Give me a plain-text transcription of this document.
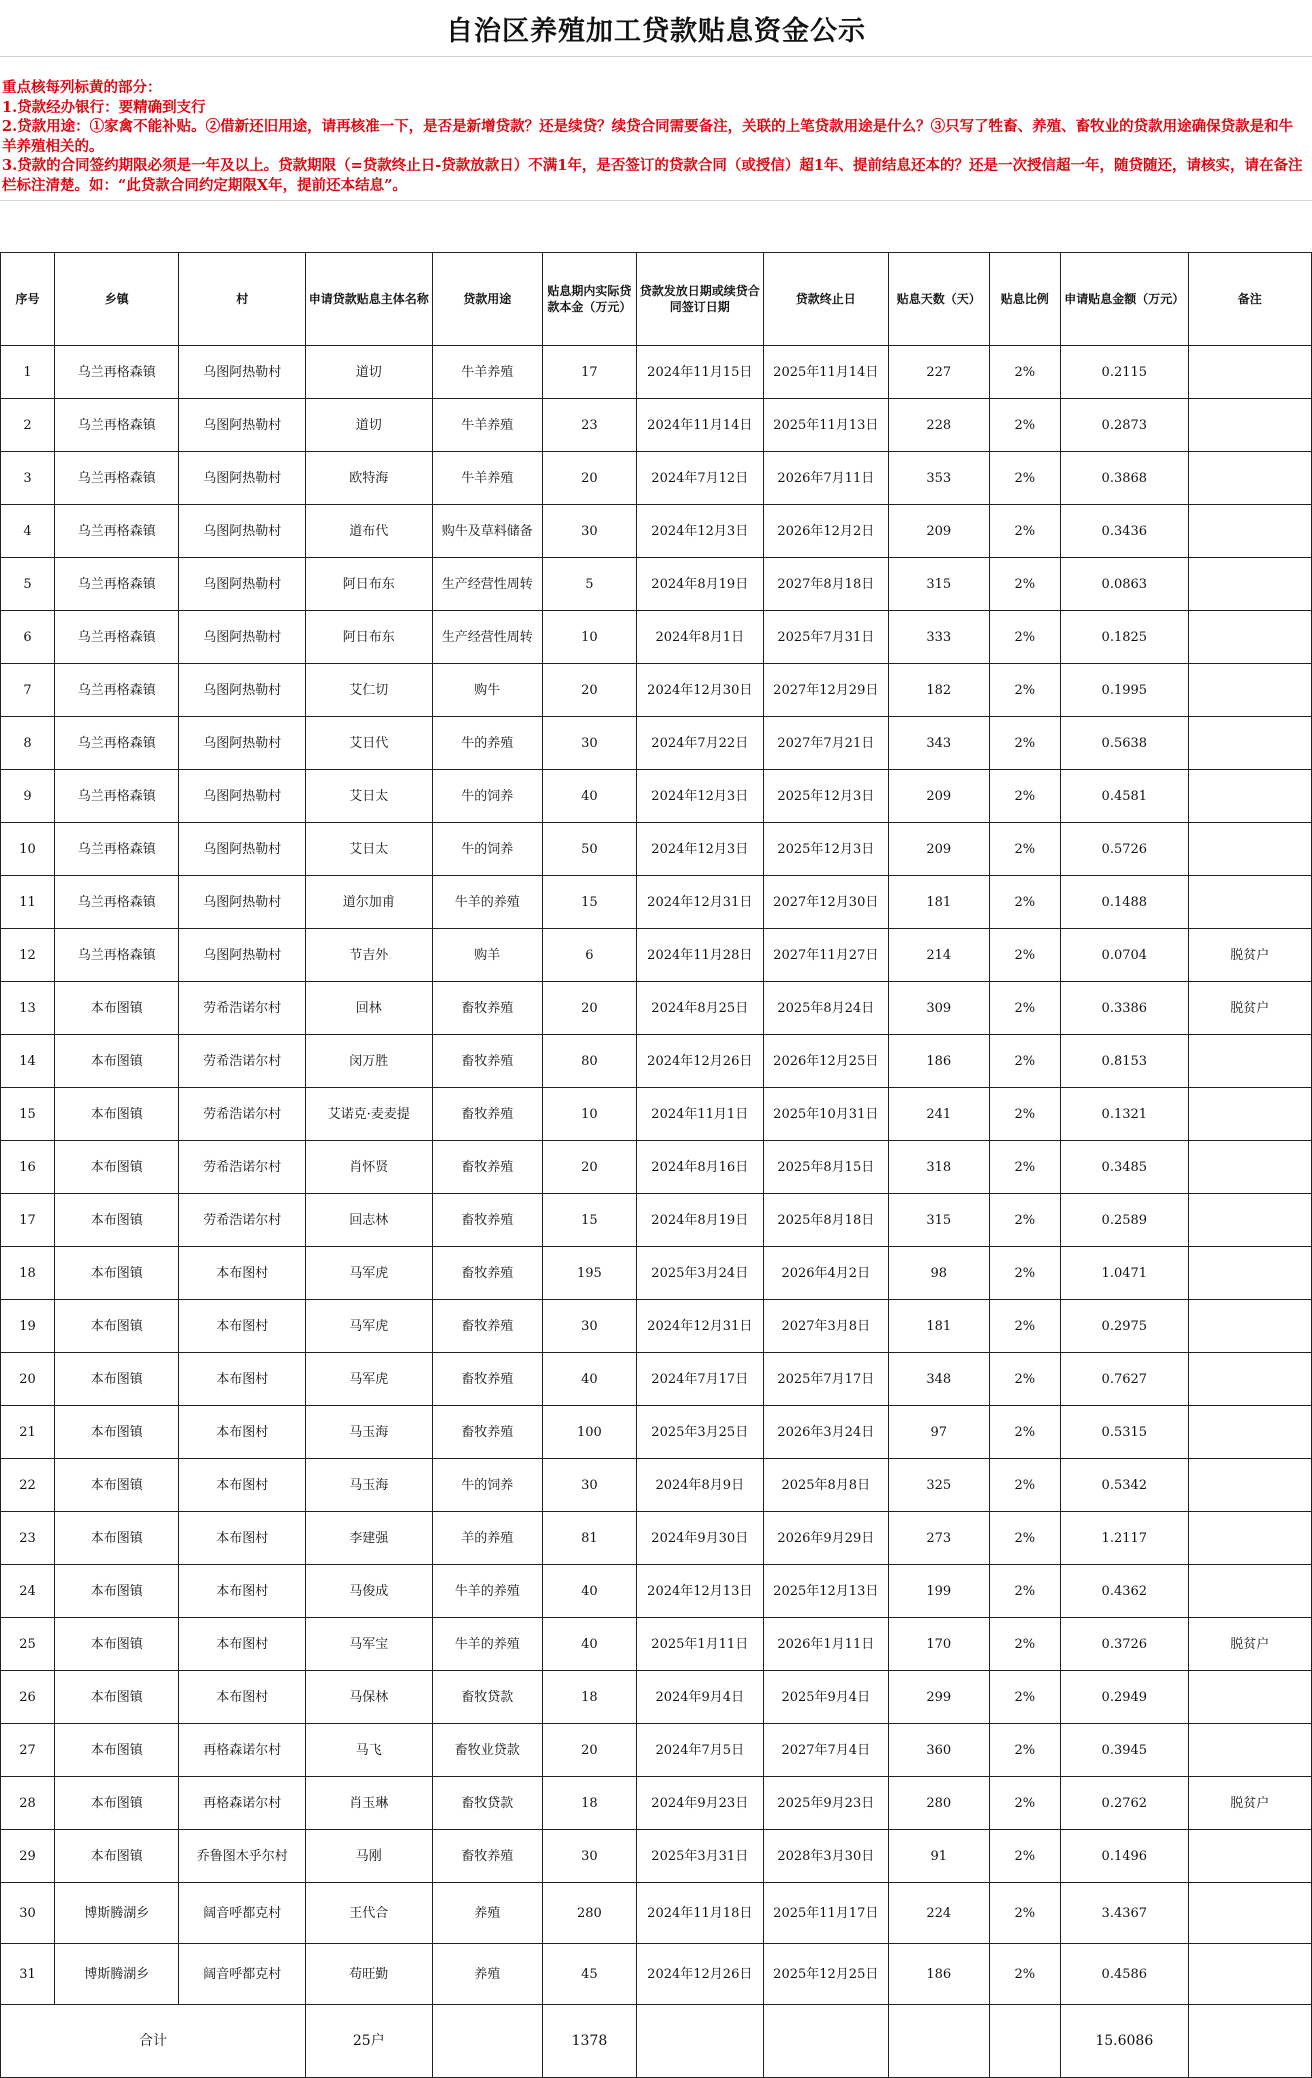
自治区养殖加工贷款贴息资金公示
重点核每列标黄的部分：
1.贷款经办银行：要精确到支行
2.贷款用途：①家禽不能补贴。②借新还旧用途，请再核准一下，是否是新增贷款？还是续贷？续贷合同需要备注，关联的上笔贷款用途是什么？③只写了牲畜、养殖、畜牧业的贷款用途确保贷款是和牛羊养殖相关的。
3.贷款的合同签约期限必须是一年及以上。贷款期限（=贷款终止日-贷款放款日）不满1年，是否签订的贷款合同（或授信）超1年、提前结息还本的？还是一次授信超一年，随贷随还，请核实，请在备注栏标注清楚。如：“此贷款合同约定期限X年，提前还本结息”。
序号	乡镇	村	申请贷款贴息主体名称	贷款用途	贴息期内实际贷款本金（万元）	贷款发放日期或续贷合同签订日期	贷款终止日	贴息天数（天）	贴息比例	申请贴息金额（万元）	备注
1	乌兰再格森镇	乌图阿热勒村	道切	牛羊养殖	17	2024年11月15日	2025年11月14日	227	2%	0.2115	
2	乌兰再格森镇	乌图阿热勒村	道切	牛羊养殖	23	2024年11月14日	2025年11月13日	228	2%	0.2873	
3	乌兰再格森镇	乌图阿热勒村	欧特海	牛羊养殖	20	2024年7月12日	2026年7月11日	353	2%	0.3868	
4	乌兰再格森镇	乌图阿热勒村	道布代	购牛及草料储备	30	2024年12月3日	2026年12月2日	209	2%	0.3436	
5	乌兰再格森镇	乌图阿热勒村	阿日布东	生产经营性周转	5	2024年8月19日	2027年8月18日	315	2%	0.0863	
6	乌兰再格森镇	乌图阿热勒村	阿日布东	生产经营性周转	10	2024年8月1日	2025年7月31日	333	2%	0.1825	
7	乌兰再格森镇	乌图阿热勒村	艾仁切	购牛	20	2024年12月30日	2027年12月29日	182	2%	0.1995	
8	乌兰再格森镇	乌图阿热勒村	艾日代	牛的养殖	30	2024年7月22日	2027年7月21日	343	2%	0.5638	
9	乌兰再格森镇	乌图阿热勒村	艾日太	牛的饲养	40	2024年12月3日	2025年12月3日	209	2%	0.4581	
10	乌兰再格森镇	乌图阿热勒村	艾日太	牛的饲养	50	2024年12月3日	2025年12月3日	209	2%	0.5726	
11	乌兰再格森镇	乌图阿热勒村	道尔加甫	牛羊的养殖	15	2024年12月31日	2027年12月30日	181	2%	0.1488	
12	乌兰再格森镇	乌图阿热勒村	节吉外	购羊	6	2024年11月28日	2027年11月27日	214	2%	0.0704	脱贫户
13	本布图镇	劳希浩诺尔村	回林	畜牧养殖	20	2024年8月25日	2025年8月24日	309	2%	0.3386	脱贫户
14	本布图镇	劳希浩诺尔村	闵万胜	畜牧养殖	80	2024年12月26日	2026年12月25日	186	2%	0.8153	
15	本布图镇	劳希浩诺尔村	艾诺克·麦麦提	畜牧养殖	10	2024年11月1日	2025年10月31日	241	2%	0.1321	
16	本布图镇	劳希浩诺尔村	肖怀贤	畜牧养殖	20	2024年8月16日	2025年8月15日	318	2%	0.3485	
17	本布图镇	劳希浩诺尔村	回志林	畜牧养殖	15	2024年8月19日	2025年8月18日	315	2%	0.2589	
18	本布图镇	本布图村	马军虎	畜牧养殖	195	2025年3月24日	2026年4月2日	98	2%	1.0471	
19	本布图镇	本布图村	马军虎	畜牧养殖	30	2024年12月31日	2027年3月8日	181	2%	0.2975	
20	本布图镇	本布图村	马军虎	畜牧养殖	40	2024年7月17日	2025年7月17日	348	2%	0.7627	
21	本布图镇	本布图村	马玉海	畜牧养殖	100	2025年3月25日	2026年3月24日	97	2%	0.5315	
22	本布图镇	本布图村	马玉海	牛的饲养	30	2024年8月9日	2025年8月8日	325	2%	0.5342	
23	本布图镇	本布图村	李建强	羊的养殖	81	2024年9月30日	2026年9月29日	273	2%	1.2117	
24	本布图镇	本布图村	马俊成	牛羊的养殖	40	2024年12月13日	2025年12月13日	199	2%	0.4362	
25	本布图镇	本布图村	马军宝	牛羊的养殖	40	2025年1月11日	2026年1月11日	170	2%	0.3726	脱贫户
26	本布图镇	本布图村	马保林	畜牧贷款	18	2024年9月4日	2025年9月4日	299	2%	0.2949	
27	本布图镇	再格森诺尔村	马飞	畜牧业贷款	20	2024年7月5日	2027年7月4日	360	2%	0.3945	
28	本布图镇	再格森诺尔村	肖玉琳	畜牧贷款	18	2024年9月23日	2025年9月23日	280	2%	0.2762	脱贫户
29	本布图镇	乔鲁图木乎尔村	马刚	畜牧养殖	30	2025年3月31日	2028年3月30日	91	2%	0.1496	
30	博斯腾湖乡	阔音呼都克村	王代合	养殖	280	2024年11月18日	2025年11月17日	224	2%	3.4367	
31	博斯腾湖乡	阔音呼都克村	苟旺勤	养殖	45	2024年12月26日	2025年12月25日	186	2%	0.4586	
合计			25户		1378					15.6086	
